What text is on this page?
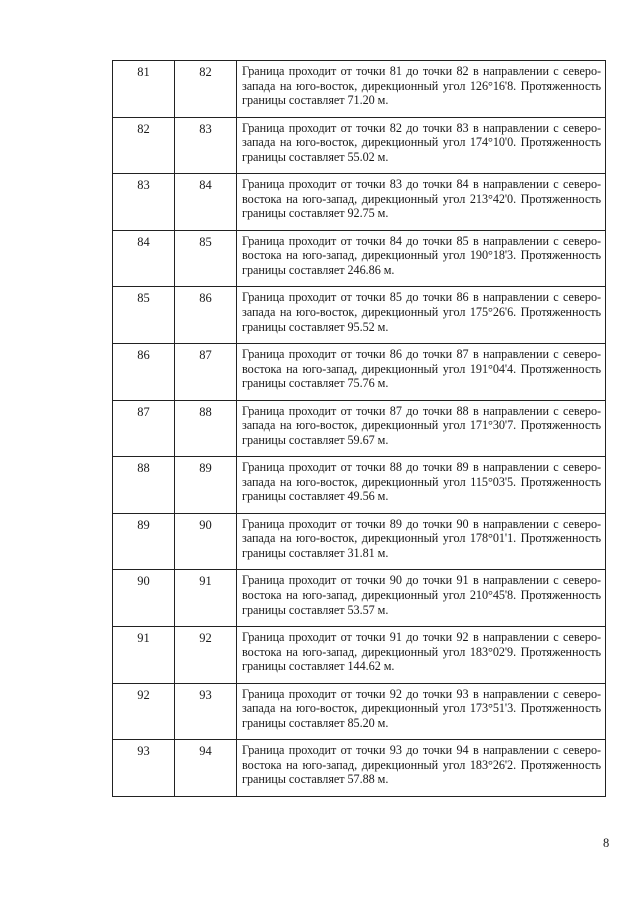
81	82	Граница проходит от точки 81 до точки 82 в направлении с северо-запада на юго-восток, дирекционный угол 126°16'8. Протяженность границы составляет 71.20 м.
82	83	Граница проходит от точки 82 до точки 83 в направлении с северо-запада на юго-восток, дирекционный угол 174°10'0. Протяженность границы составляет 55.02 м.
83	84	Граница проходит от точки 83 до точки 84 в направлении с северо-востока на юго-запад, дирекционный угол 213°42'0. Протяженность границы составляет 92.75 м.
84	85	Граница проходит от точки 84 до точки 85 в направлении с северо-востока на юго-запад, дирекционный угол 190°18'3. Протяженность границы составляет 246.86 м.
85	86	Граница проходит от точки 85 до точки 86 в направлении с северо-запада на юго-восток, дирекционный угол 175°26'6. Протяженность границы составляет 95.52 м.
86	87	Граница проходит от точки 86 до точки 87 в направлении с северо-востока на юго-запад, дирекционный угол 191°04'4. Протяженность границы составляет 75.76 м.
87	88	Граница проходит от точки 87 до точки 88 в направлении с северо-запада на юго-восток, дирекционный угол 171°30'7. Протяженность границы составляет 59.67 м.
88	89	Граница проходит от точки 88 до точки 89 в направлении с северо-запада на юго-восток, дирекционный угол 115°03'5. Протяженность границы составляет 49.56 м.
89	90	Граница проходит от точки 89 до точки 90 в направлении с северо-запада на юго-восток, дирекционный угол 178°01'1. Протяженность границы составляет 31.81 м.
90	91	Граница проходит от точки 90 до точки 91 в направлении с северо-востока на юго-запад, дирекционный угол 210°45'8. Протяженность границы составляет 53.57 м.
91	92	Граница проходит от точки 91 до точки 92 в направлении с северо-востока на юго-запад, дирекционный угол 183°02'9. Протяженность границы составляет 144.62 м.
92	93	Граница проходит от точки 92 до точки 93 в направлении с северо-запада на юго-восток, дирекционный угол 173°51'3. Протяженность границы составляет 85.20 м.
93	94	Граница проходит от точки 93 до точки 94 в направлении с северо-востока на юго-запад, дирекционный угол 183°26'2. Протяженность границы составляет 57.88 м.
8
